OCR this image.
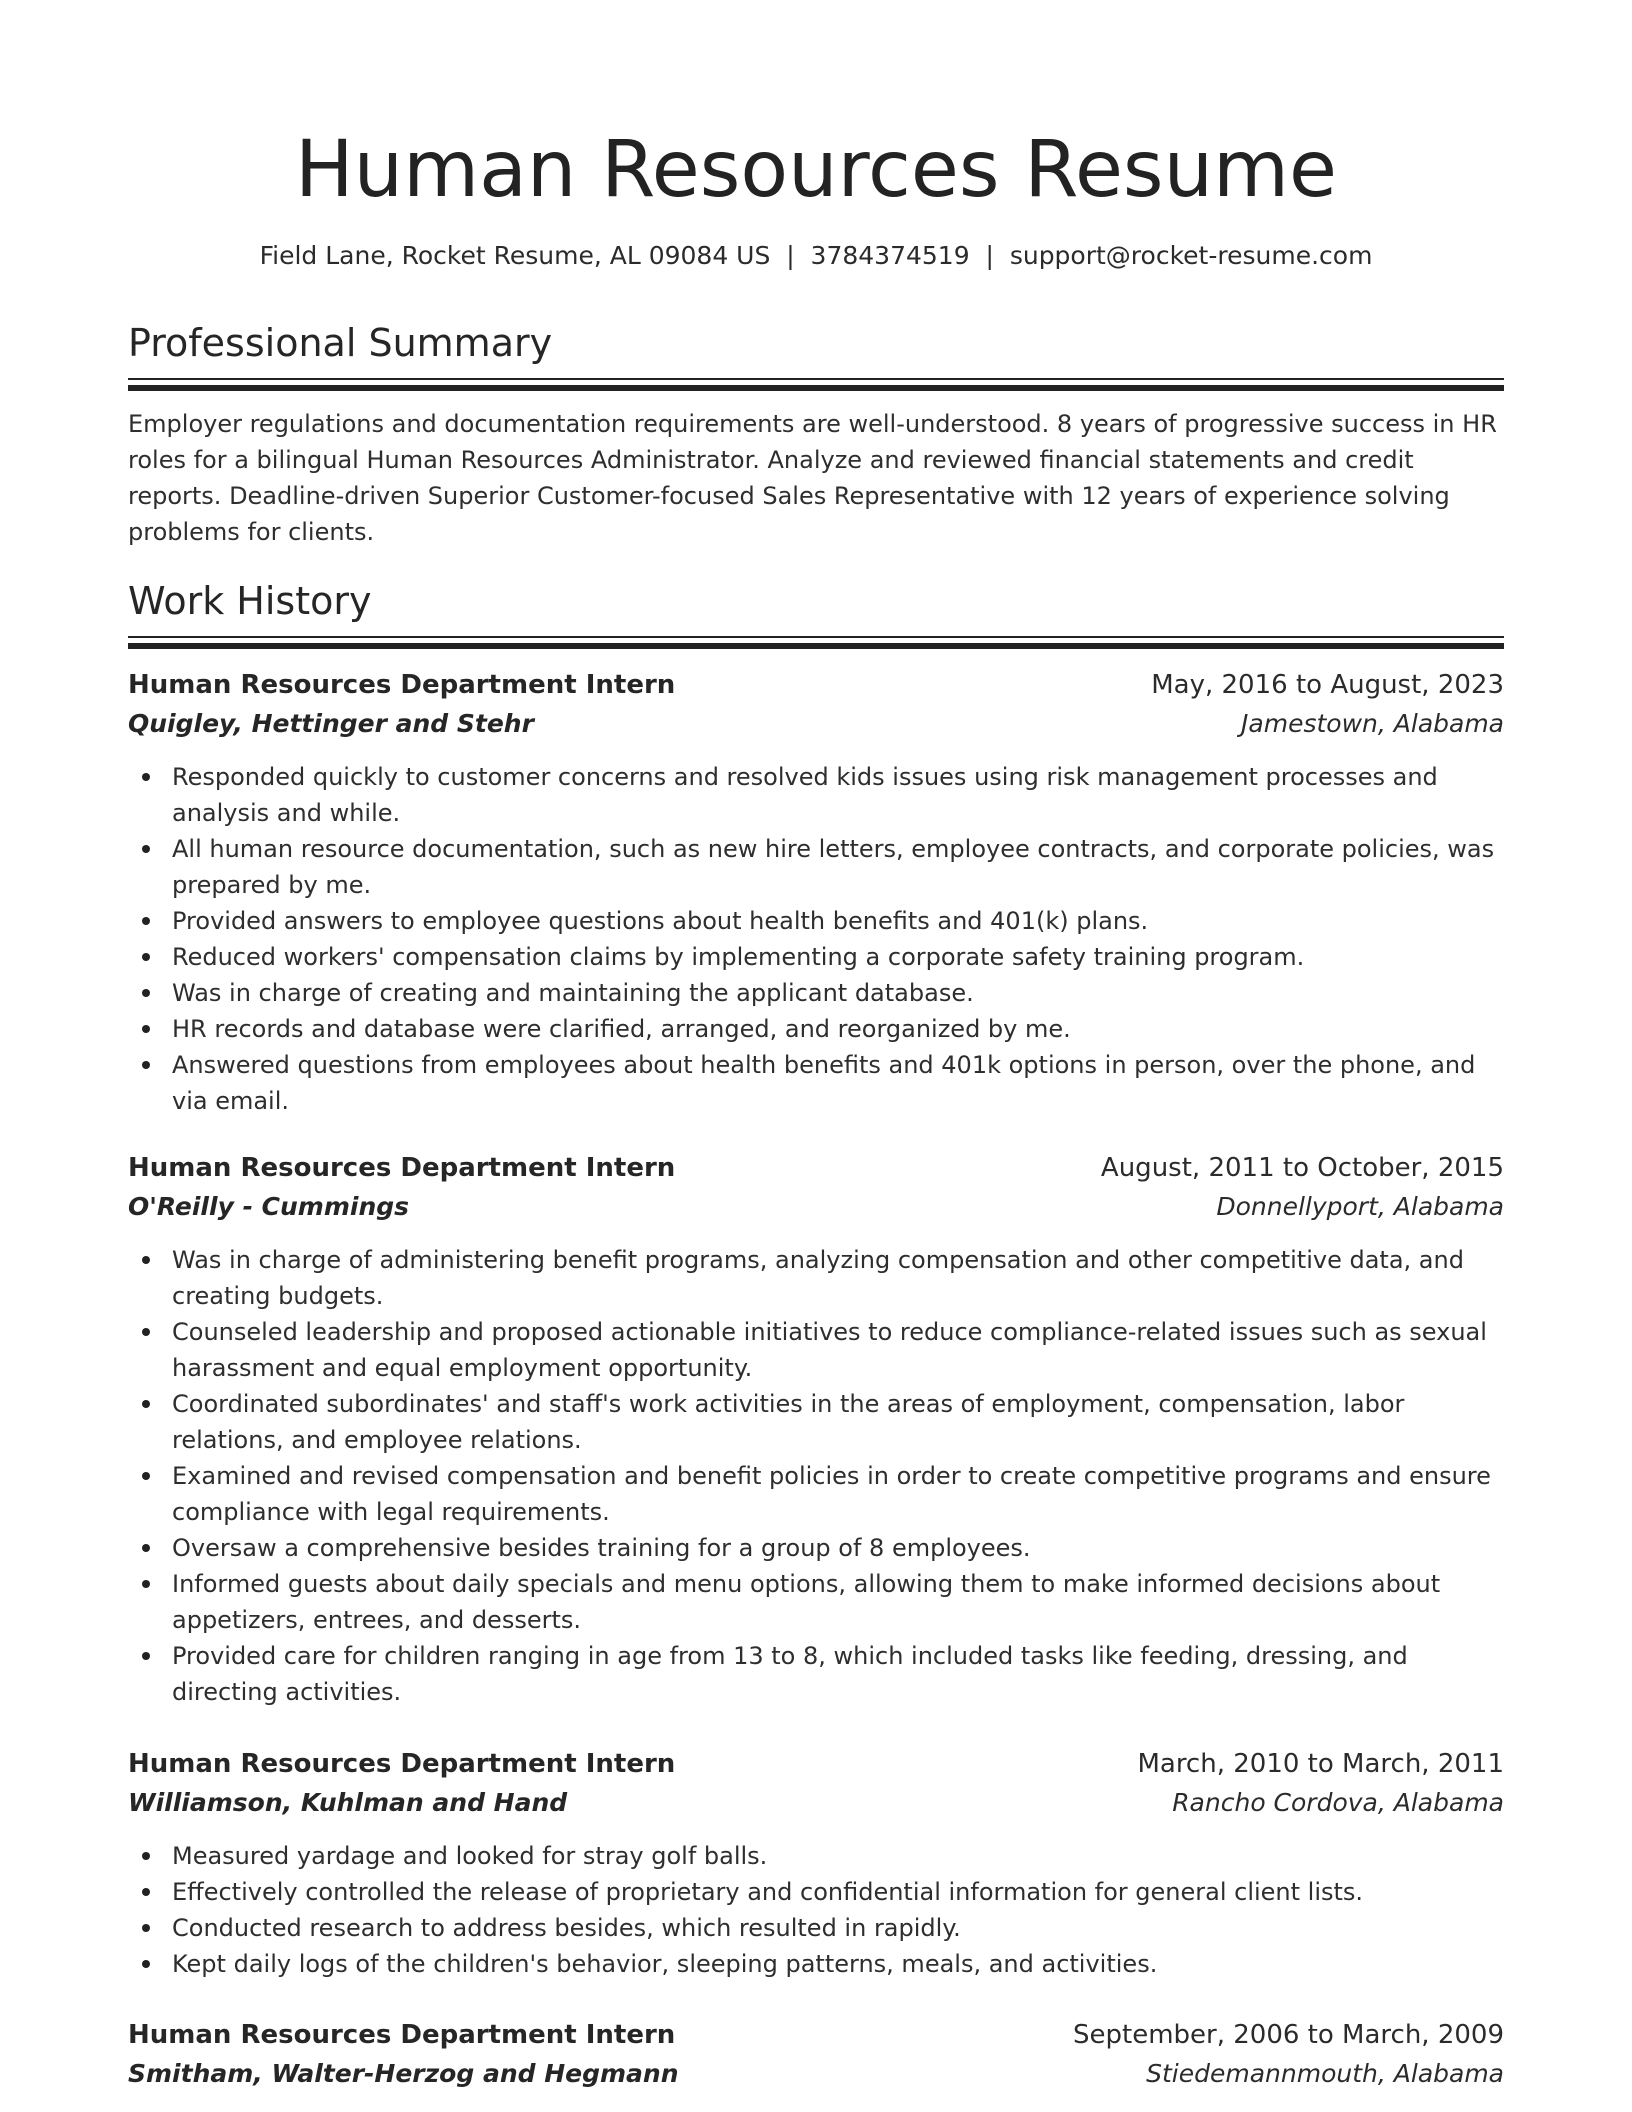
Human Resources Resume
Field Lane, Rocket Resume, AL 09084 US  |  3784374519  |  support@rocket-resume.com
Professional Summary

Employer regulations and documentation requirements are well-understood. 8 years of progressive success in HR roles for a bilingual Human Resources Administrator. Analyze and reviewed financial statements and credit reports. Deadline-driven Superior Customer-focused Sales Representative with 12 years of experience solving problems for clients.

Work History
Human Resources Department Intern	May, 2016 to August, 2023
Quigley, Hettinger and Stehr	Jamestown, Alabama
Responded quickly to customer concerns and resolved kids issues using risk management processes and analysis and while.
All human resource documentation, such as new hire letters, employee contracts, and corporate policies, was prepared by me.
Provided answers to employee questions about health benefits and 401(k) plans.
Reduced workers' compensation claims by implementing a corporate safety training program.
Was in charge of creating and maintaining the applicant database.
HR records and database were clarified, arranged, and reorganized by me.
Answered questions from employees about health benefits and 401k options in person, over the phone, and via email.
Human Resources Department Intern	August, 2011 to October, 2015
O'Reilly - Cummings	Donnellyport, Alabama
Was in charge of administering benefit programs, analyzing compensation and other competitive data, and creating budgets.
Counseled leadership and proposed actionable initiatives to reduce compliance-related issues such as sexual harassment and equal employment opportunity.
Coordinated subordinates' and staff's work activities in the areas of employment, compensation, labor relations, and employee relations.
Examined and revised compensation and benefit policies in order to create competitive programs and ensure compliance with legal requirements.
Oversaw a comprehensive besides training for a group of 8 employees.
Informed guests about daily specials and menu options, allowing them to make informed decisions about appetizers, entrees, and desserts.
Provided care for children ranging in age from 13 to 8, which included tasks like feeding, dressing, and directing activities.
Human Resources Department Intern	March, 2010 to March, 2011
Williamson, Kuhlman and Hand	Rancho Cordova, Alabama
Measured yardage and looked for stray golf balls.
Effectively controlled the release of proprietary and confidential information for general client lists.
Conducted research to address besides, which resulted in rapidly.
Kept daily logs of the children's behavior, sleeping patterns, meals, and activities.
Human Resources Department Intern	September, 2006 to March, 2009
Smitham, Walter-Herzog and Hegmann	Stiedemannmouth, Alabama
